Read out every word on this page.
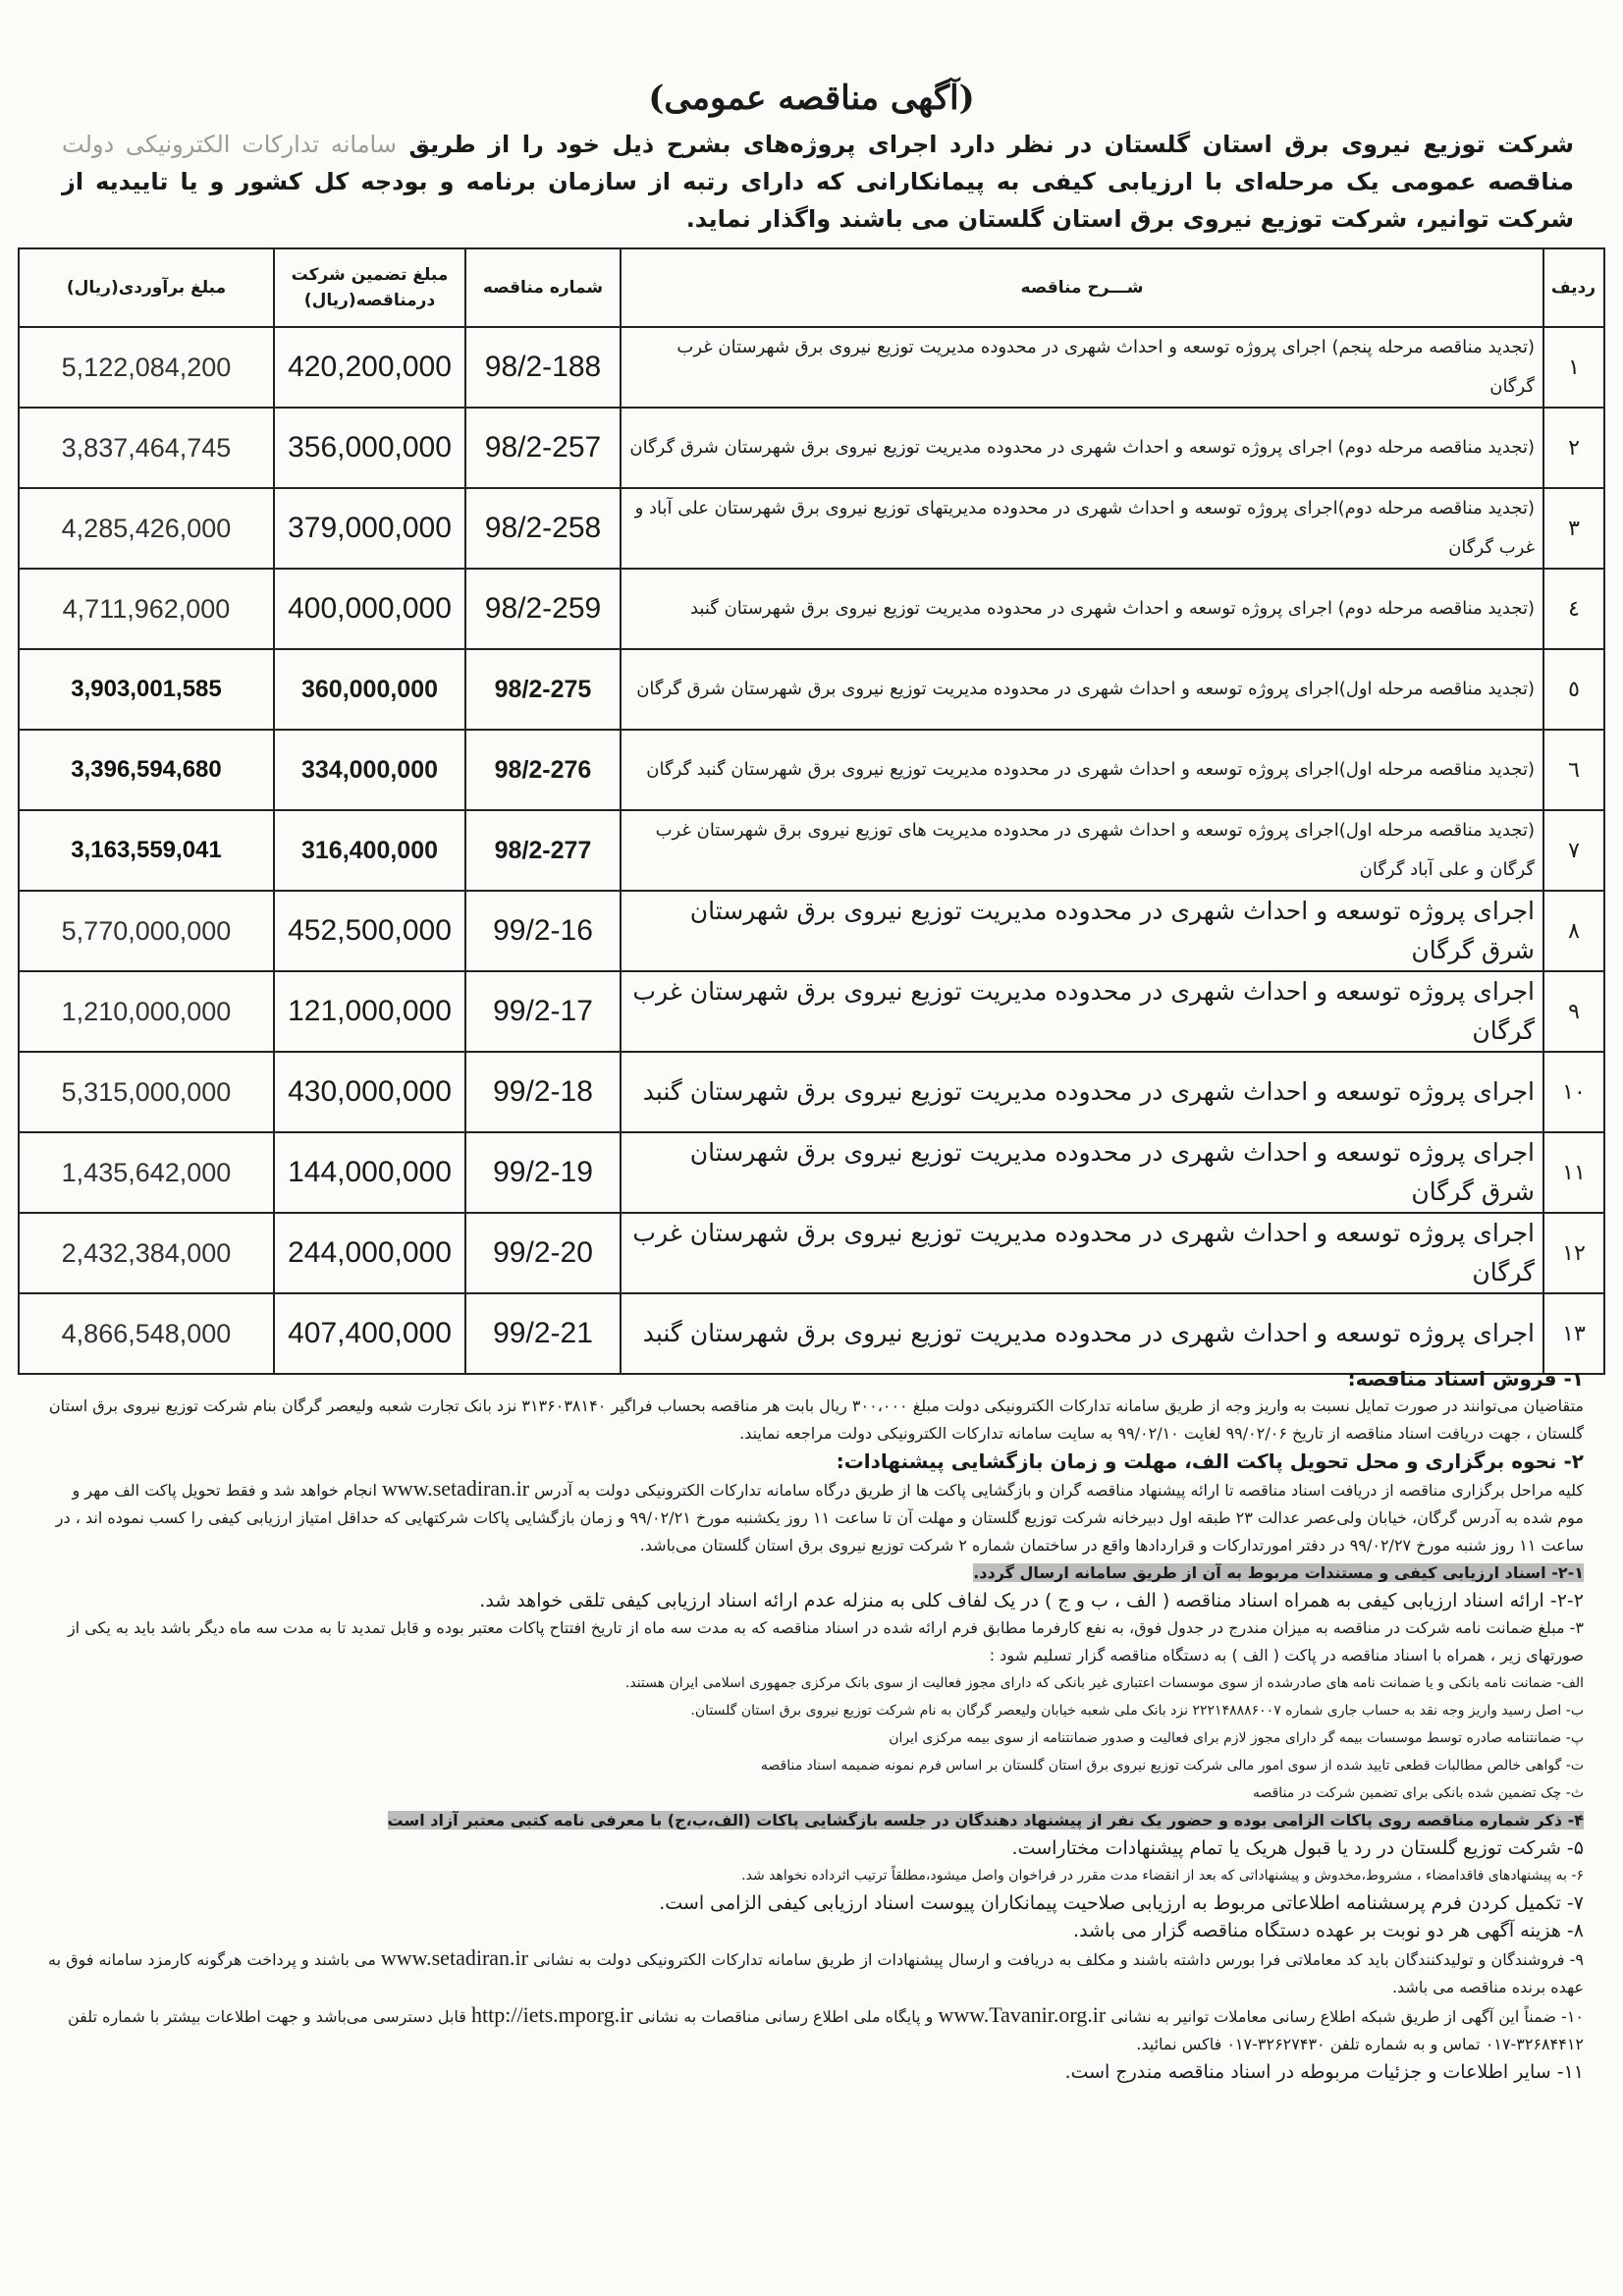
(آگهی مناقصه عمومی)
شرکت توزیع نیروی برق استان گلستان در نظر دارد اجرای پروژه‌های بشرح ذیل خود را از طریق سامانه تدارکات الکترونیکی دولت مناقصه عمومی یک مرحله‌ای با ارزیابی کیفی به پیمانکارانی که دارای رتبه از سازمان برنامه و بودجه کل کشور و یا تاییدیه از شرکت توانیر، شرکت توزیع نیروی برق استان گلستان می باشند واگذار نماید.
ردیف	شـــرح مناقصه	شماره مناقصه	مبلغ تضمین شرکت درمناقصه(ریال)	مبلغ برآوردی(ریال)
۱	(تجدید مناقصه مرحله پنجم) اجرای پروژه توسعه و احداث شهری در محدوده مدیریت توزیع نیروی برق شهرستان غرب گرگان	98/2-188	420,200,000	5,122,084,200
۲	(تجدید مناقصه مرحله دوم) اجرای پروژه توسعه و احداث شهری در محدوده مدیریت توزیع نیروی برق شهرستان شرق گرگان	98/2-257	356,000,000	3,837,464,745
۳	(تجدید مناقصه مرحله دوم)اجرای پروژه توسعه و احداث شهری در محدوده مدیریتهای توزیع نیروی برق شهرستان علی آباد و غرب گرگان	98/2-258	379,000,000	4,285,426,000
٤	(تجدید مناقصه مرحله دوم) اجرای پروژه توسعه و احداث شهری در محدوده مدیریت توزیع نیروی برق شهرستان گنبد	98/2-259	400,000,000	4,711,962,000
٥	(تجدید مناقصه مرحله اول)اجرای پروژه توسعه و احداث شهری در محدوده مدیریت توزیع نیروی برق شهرستان شرق گرگان	98/2-275	360,000,000	3,903,001,585
٦	(تجدید مناقصه مرحله اول)اجرای پروژه توسعه و احداث شهری در محدوده مدیریت توزیع نیروی برق شهرستان گنبد گرگان	98/2-276	334,000,000	3,396,594,680
۷	(تجدید مناقصه مرحله اول)اجرای پروژه توسعه و احداث شهری در محدوده مدیریت های توزیع نیروی برق شهرستان غرب گرگان و علی آباد گرگان	98/2-277	316,400,000	3,163,559,041
۸	اجرای پروژه توسعه و احداث شهری در محدوده مدیریت توزیع نیروی برق شهرستان شرق گرگان	99/2-16	452,500,000	5,770,000,000
۹	اجرای پروژه توسعه و احداث شهری در محدوده مدیریت توزیع نیروی برق شهرستان غرب گرگان	99/2-17	121,000,000	1,210,000,000
۱۰	اجرای پروژه توسعه و احداث شهری در محدوده مدیریت توزیع نیروی برق شهرستان گنبد	99/2-18	430,000,000	5,315,000,000
۱۱	اجرای پروژه توسعه و احداث شهری در محدوده مدیریت توزیع نیروی برق شهرستان شرق گرگان	99/2-19	144,000,000	1,435,642,000
۱۲	اجرای پروژه توسعه و احداث شهری در محدوده مدیریت توزیع نیروی برق شهرستان غرب گرگان	99/2-20	244,000,000	2,432,384,000
۱۳	اجرای پروژه توسعه و احداث شهری در محدوده مدیریت توزیع نیروی برق شهرستان گنبد	99/2-21	407,400,000	4,866,548,000

۱- فروش اسناد مناقصه:

متقاضیان می‌توانند در صورت تمایل نسبت به واریز وجه از طریق سامانه تدارکات الکترونیکی دولت مبلغ ۳۰۰،۰۰۰ ریال بابت هر مناقصه بحساب فراگیر ۳۱۳۶۰۳۸۱۴۰ نزد بانک تجارت شعبه ولیعصر گرگان بنام شرکت توزیع نیروی برق استان گلستان ، جهت دریافت اسناد مناقصه از تاریخ ۹۹/۰۲/۰۶ لغایت ۹۹/۰۲/۱۰ به سایت سامانه تدارکات الکترونیکی دولت مراجعه نمایند.

۲- نحوه برگزاری و محل تحویل پاکت الف، مهلت و زمان بازگشایی پیشنهادات:

کلیه مراحل برگزاری مناقصه از دریافت اسناد مناقصه تا ارائه پیشنهاد مناقصه گران و بازگشایی پاکت ها از طریق درگاه سامانه تدارکات الکترونیکی دولت به آدرس www.setadiran.ir انجام خواهد شد و فقط تحویل پاکت الف مهر و موم شده به آدرس گرگان، خیابان ولی‌عصر عدالت ۲۳ طبقه اول دبیرخانه شرکت توزیع گلستان و مهلت آن تا ساعت ۱۱ روز یکشنبه مورخ ۹۹/۰۲/۲۱ و زمان بازگشایی پاکات شرکتهایی که حداقل امتیاز ارزیابی کیفی را کسب نموده اند ، در ساعت ۱۱ روز شنبه مورخ ۹۹/۰۲/۲۷ در دفتر امورتدارکات و قراردادها واقع در ساختمان شماره ۲ شرکت توزیع نیروی برق استان گلستان می‌باشد.

۲-۱- اسناد ارزیابی کیفی و مستندات مربوط به آن از طریق سامانه ارسال گردد.

۲-۲- ارائه اسناد ارزیابی کیفی به همراه اسناد مناقصه ( الف ، ب و ج ) در یک لفاف کلی به منزله عدم ارائه اسناد ارزیابی کیفی تلقی خواهد شد.

۳- مبلغ ضمانت نامه شرکت در مناقصه به میزان مندرج در جدول فوق، به نفع کارفرما مطابق فرم ارائه شده در اسناد مناقصه که به مدت سه ماه از تاریخ افتتاح پاکات معتبر بوده و قابل تمدید تا به مدت سه ماه دیگر باشد باید به یکی از صورتهای زیر ، همراه با اسناد مناقصه در پاکت ( الف ) به دستگاه مناقصه گزار تسلیم شود :

الف- ضمانت نامه بانکی و یا ضمانت نامه های صادرشده از سوی موسسات اعتباری غیر بانکی که دارای مجوز فعالیت از سوی بانک مرکزی جمهوری اسلامی ایران هستند.

ب- اصل رسید واریز وجه نقد به حساب جاری شماره ۲۲۲۱۴۸۸۸۶۰۰۷ نزد بانک ملی شعبه خیابان ولیعصر گرگان به نام شرکت توزیع نیروی برق استان گلستان.

پ- ضمانتنامه صادره توسط موسسات بیمه گر دارای مجوز لازم برای فعالیت و صدور ضمانتنامه از سوی بیمه مرکزی ایران

ت- گواهی خالص مطالبات قطعی تایید شده از سوی امور مالی شرکت توزیع نیروی برق استان گلستان بر اساس فرم نمونه ضمیمه اسناد مناقصه

ث- چک تضمین شده بانکی برای تضمین شرکت در مناقصه

۴- ذکر شماره مناقصه روی پاکات الزامی بوده و حضور یک نفر از پیشنهاد دهندگان در جلسه بازگشایی پاکات (الف،ب،ج) با معرفی نامه کتبی معتبر آزاد است

۵- شرکت توزیع گلستان در رد یا قبول هریک یا تمام پیشنهادات مختاراست.

۶- به پیشنهادهای فاقدامضاء ، مشروط،مخدوش و پیشنهاداتی که بعد از انقضاء مدت مقرر در فراخوان واصل میشود،مطلقاً ترتیب اثرداده نخواهد شد.

۷- تکمیل کردن فرم پرسشنامه اطلاعاتی مربوط به ارزیابی صلاحیت پیمانکاران پیوست اسناد ارزیابی کیفی الزامی است.

۸- هزینه آگهی هر دو نوبت بر عهده دستگاه مناقصه گزار می باشد.

۹- فروشندگان و تولیدکنندگان باید کد معاملاتی فرا بورس داشته باشند و مکلف به دریافت و ارسال پیشنهادات از طریق سامانه تدارکات الکترونیکی دولت به نشانی www.setadiran.ir می باشند و پرداخت هرگونه کارمزد سامانه فوق به عهده برنده مناقصه می باشد.

۱۰- ضمناً این آگهی از طریق شبکه اطلاع رسانی معاملات توانیر به نشانی www.Tavanir.org.ir و پایگاه ملی اطلاع رسانی مناقصات به نشانی http://iets.mporg.ir قابل دسترسی می‌باشد و جهت اطلاعات بیشتر با شماره تلفن ۳۲۶۸۴۴۱۲-۰۱۷ تماس و به شماره تلفن ۳۲۶۲۷۴۳۰-۰۱۷ فاکس نمائید.

۱۱- سایر اطلاعات و جزئیات مربوطه در اسناد مناقصه مندرج است.
